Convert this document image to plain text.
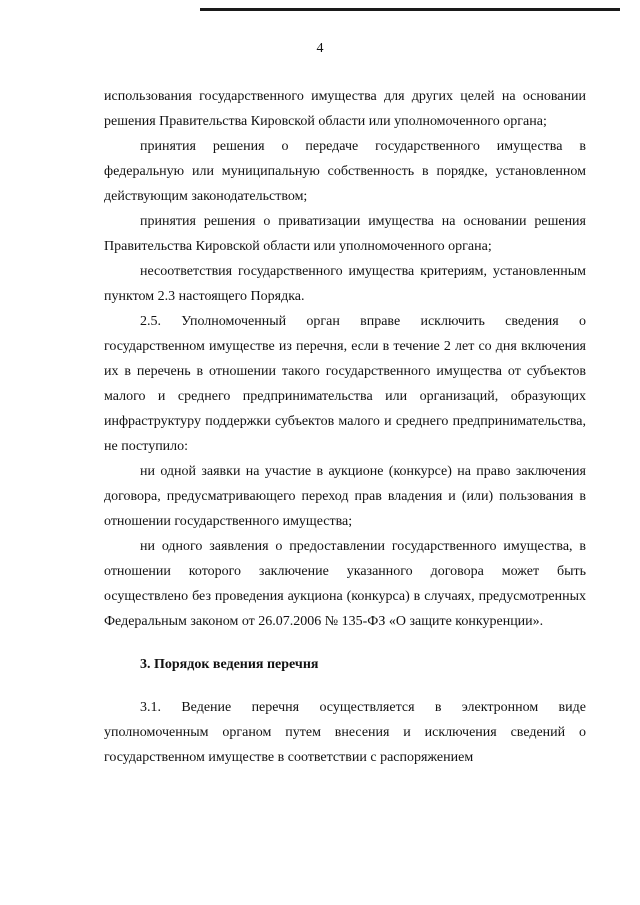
4

использования государственного имущества для других целей на основании решения Правительства Кировской области или уполномоченного органа;

принятия решения о передаче государственного имущества в федеральную или муниципальную собственность в порядке, установленном действующим законодательством;

принятия решения о приватизации имущества на основании решения Правительства Кировской области или уполномоченного органа;

несоответствия государственного имущества критериям, установленным пунктом 2.3 настоящего Порядка.

2.5. Уполномоченный орган вправе исключить сведения о государственном имуществе из перечня, если в течение 2 лет со дня включения их в перечень в отношении такого государственного имущества от субъектов малого и среднего предпринимательства или организаций, образующих инфраструктуру поддержки субъектов малого и среднего предпринимательства, не поступило:

ни одной заявки на участие в аукционе (конкурсе) на право заключения договора, предусматривающего переход прав владения и (или) пользования в отношении государственного имущества;

ни одного заявления о предоставлении государственного имущества, в отношении которого заключение указанного договора может быть осуществлено без проведения аукциона (конкурса) в случаях, предусмотренных Федеральным законом от 26.07.2006 № 135-ФЗ «О защите конкуренции».

3. Порядок ведения перечня

3.1. Ведение перечня осуществляется в электронном виде уполномоченным органом путем внесения и исключения сведений о государственном имуществе в соответствии с распоряжением
